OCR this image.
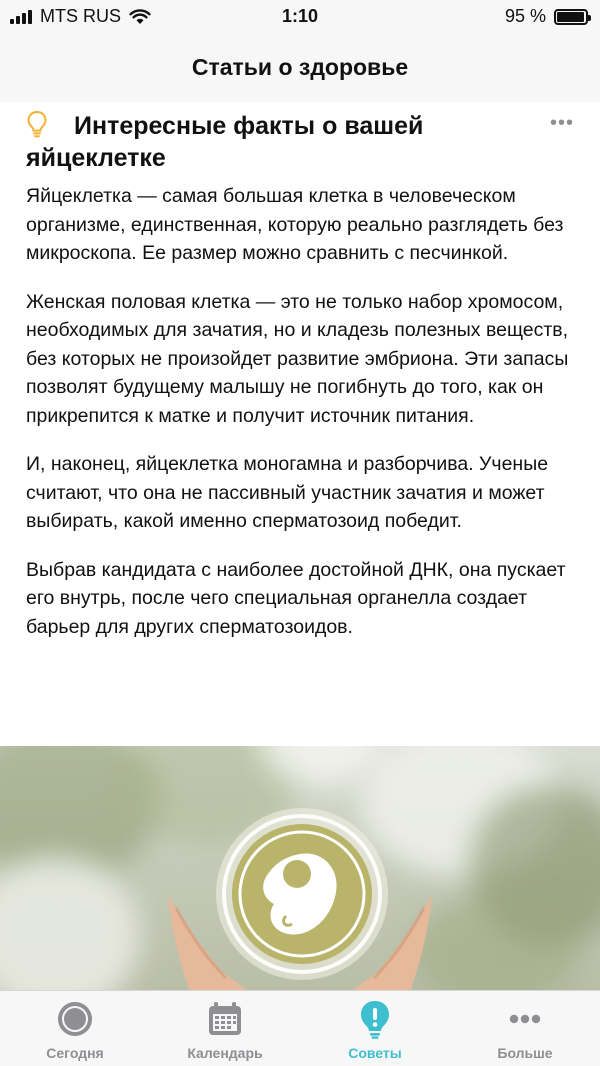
MTS RUS	1:10	95 %
Статьи о здоровье
Интересные факты о вашей яйцеклетке
•••

Яйцеклетка — самая большая клетка в человеческом организме, единственная, которую реально разглядеть без микроскопа. Ее размер можно сравнить с песчинкой.

Женская половая клетка — это не только набор хромосом, необходимых для зачатия, но и кладезь полезных веществ, без которых не произойдет развитие эмбриона. Эти запасы позволят будущему малышу не погибнуть до того, как он прикрепится к матке и получит источник питания.

И, наконец, яйцеклетка моногамна и разборчива. Ученые считают, что она не пассивный участник зачатия и может выбирать, какой именно сперматозоид победит.

Выбрав кандидата с наиболее достойной ДНК, она пускает его внутрь, после чего специальная органелла создает барьер для других сперматозоидов.

Сегодня	Календарь	Советы	Больше
